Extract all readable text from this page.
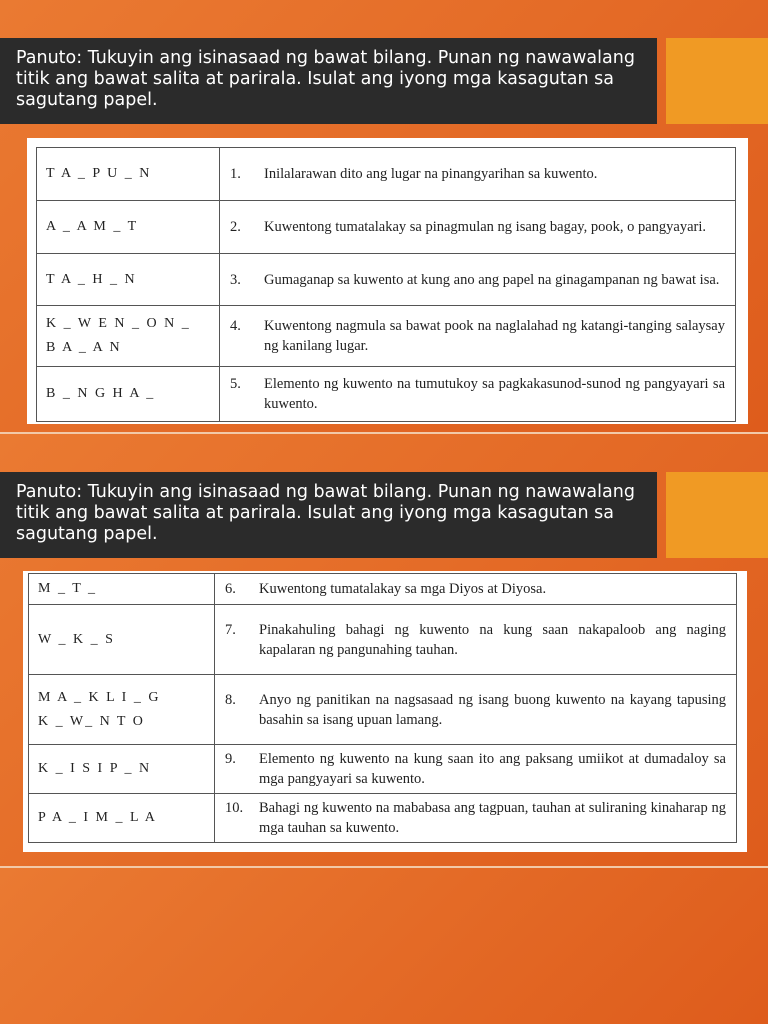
Panuto: Tukuyin ang isinasaad ng bawat bilang. Punan ng nawawalang titik ang bawat salita at parirala. Isulat ang iyong mga kasagutan sa sagutang papel.
T A _ P U _ N	1. Inilalarawan dito ang lugar na pinangyarihan sa kuwento.
A _ A M _ T	2. Kuwentong tumatalakay sa pinagmulan ng isang bagay, pook, o pangyayari.
T A _ H _ N	3. Gumaganap sa kuwento at kung ano ang papel na ginagampanan ng bawat isa.
K _ W E N _ O N _
B A _ A N	4. Kuwentong nagmula sa bawat pook na naglalahad ng katangi-tanging salaysay ng kanilang lugar.
B _ N G H A _	5. Elemento ng kuwento na tumutukoy sa pagkakasunod-sunod ng pangyayari sa kuwento.
Panuto: Tukuyin ang isinasaad ng bawat bilang. Punan ng nawawalang titik ang bawat salita at parirala. Isulat ang iyong mga kasagutan sa sagutang papel.
M _ T _	6. Kuwentong tumatalakay sa mga Diyos at Diyosa.
W _ K _ S	7. Pinakahuling bahagi ng kuwento na kung saan nakapaloob ang naging kapalaran ng pangunahing tauhan.
M A _ K L I _ G
K _ W_ N T O	8. Anyo ng panitikan na nagsasaad ng isang buong kuwento na kayang tapusing basahin sa isang upuan lamang.
K _ I S I P _ N	9. Elemento ng kuwento na kung saan ito ang paksang umiikot at dumadaloy sa mga pangyayari sa kuwento.
P A _ I M _ L A	10. Bahagi ng kuwento na mababasa ang tagpuan, tauhan at suliraning kinaharap ng mga tauhan sa kuwento.
